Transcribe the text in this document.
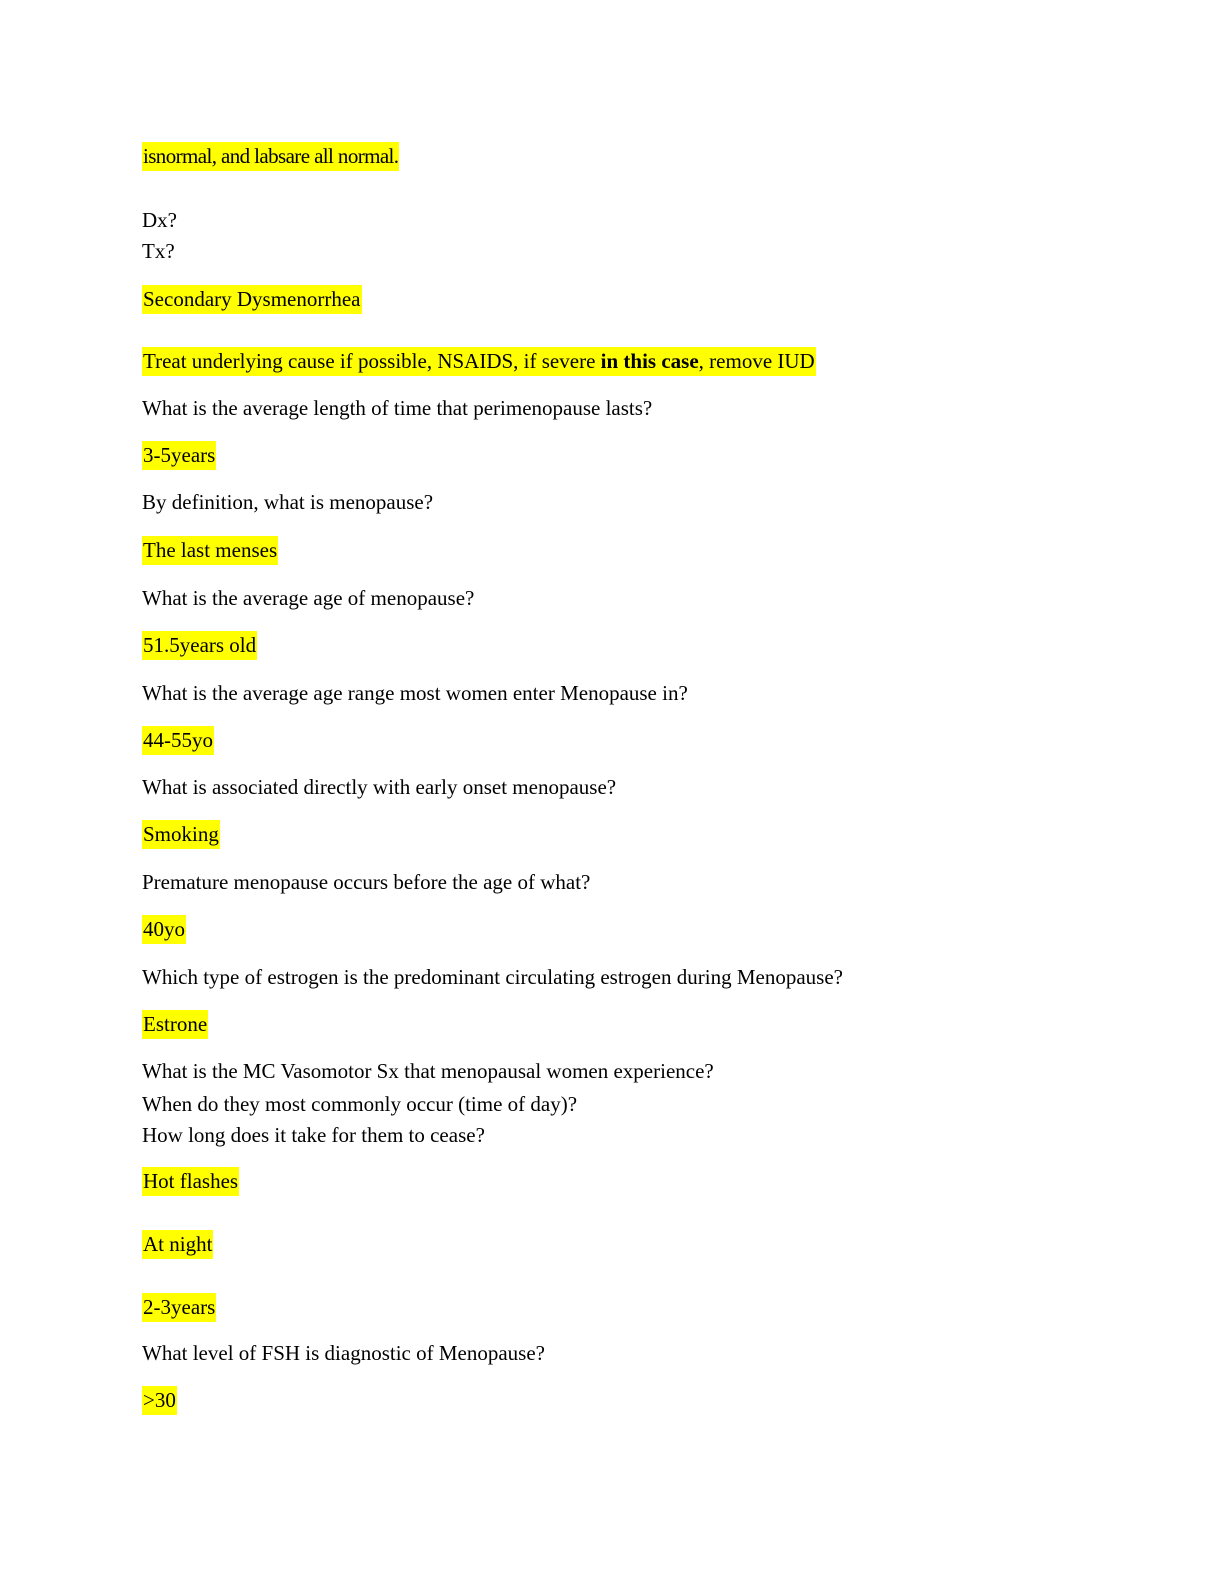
isnormal, and labsare all normal.

Dx?

Tx?

Secondary Dysmenorrhea

Treat underlying cause if possible, NSAIDS, if severe in this case, remove IUD

What is the average length of time that perimenopause lasts?

3-5years

By definition, what is menopause?

The last menses

What is the average age of menopause?

51.5years old

What is the average age range most women enter Menopause in?

44-55yo

What is associated directly with early onset menopause?

Smoking

Premature menopause occurs before the age of what?

40yo

Which type of estrogen is the predominant circulating estrogen during Menopause?

Estrone

What is the MC Vasomotor Sx that menopausal women experience?

When do they most commonly occur (time of day)?

How long does it take for them to cease?

Hot flashes

At night

2-3years

What level of FSH is diagnostic of Menopause?

>30
